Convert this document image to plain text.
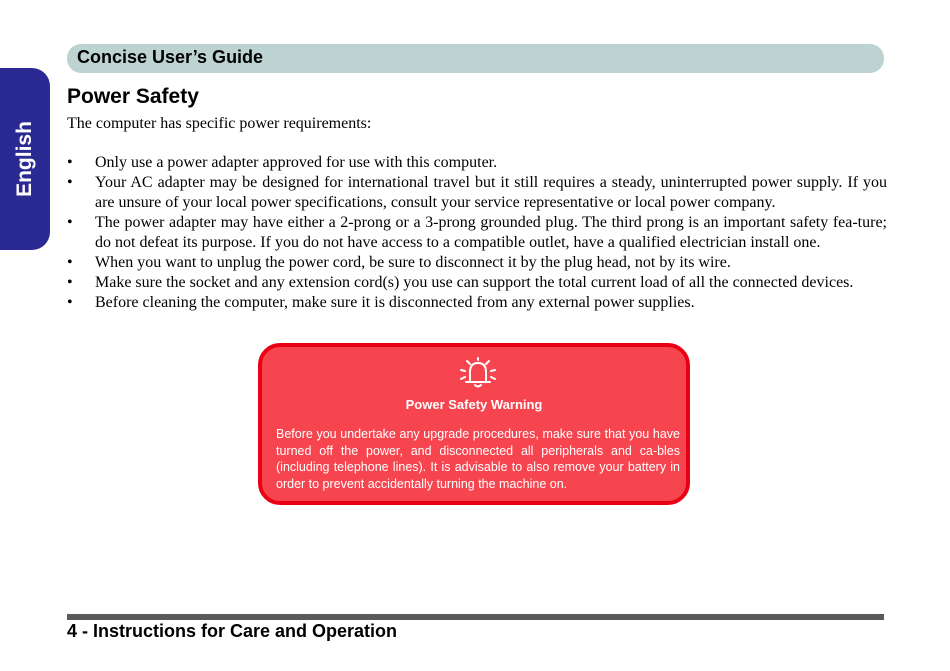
English
Concise User’s Guide
Power Safety
The computer has specific power requirements:
• Only use a power adapter approved for use with this computer.
• Your AC adapter may be designed for international travel but it still requires a steady, uninterrupted power supply. If you are unsure of your local power specifications, consult your service representative or local power company.
• The power adapter may have either a 2-prong or a 3-prong grounded plug. The third prong is an important safety fea-ture; do not defeat its purpose. If you do not have access to a compatible outlet, have a qualified electrician install one.
• When you want to unplug the power cord, be sure to disconnect it by the plug head, not by its wire.
• Make sure the socket and any extension cord(s) you use can support the total current load of all the connected devices.
• Before cleaning the computer, make sure it is disconnected from any external power supplies.
Power Safety Warning
Before you undertake any upgrade procedures, make sure that you have turned off the power, and disconnected all peripherals and ca-bles (including telephone lines). It is advisable to also remove your battery in order to prevent accidentally turning the machine on.
4 - Instructions for Care and Operation
